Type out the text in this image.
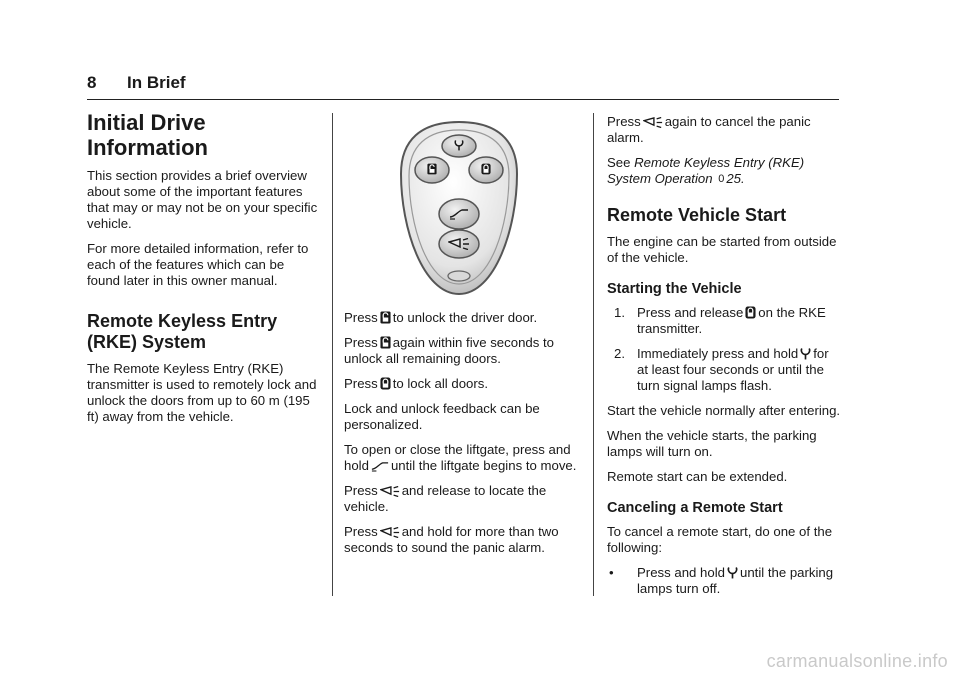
8 In Brief
Initial Drive Information

This section provides a brief overview about some of the important features that may or may not be on your specific vehicle.

For more detailed information, refer to each of the features which can be found later in this owner manual.

Remote Keyless Entry (RKE) System

The Remote Keyless Entry (RKE) transmitter is used to remotely lock and unlock the doors from up to 60 m (195 ft) away from the vehicle.

Press to unlock the driver door.

Press again within five seconds to unlock all remaining doors.

Press to lock all doors.

Lock and unlock feedback can be personalized.

To open or close the liftgate, press and hold until the liftgate begins to move.

Press and release to locate the vehicle.

Press and hold for more than two seconds to sound the panic alarm.

Press again to cancel the panic alarm.

See Remote Keyless Entry (RKE) System Operation 0 25.

Remote Vehicle Start

The engine can be started from outside of the vehicle.

Starting the Vehicle
1. Press and release on the RKE transmitter.
2. Immediately press and hold for at least four seconds or until the turn signal lamps flash.

Start the vehicle normally after entering.

When the vehicle starts, the parking lamps will turn on.

Remote start can be extended.

Canceling a Remote Start

To cancel a remote start, do one of the following:

• Press and hold until the parking lamps turn off.
carmanualsonline.info
